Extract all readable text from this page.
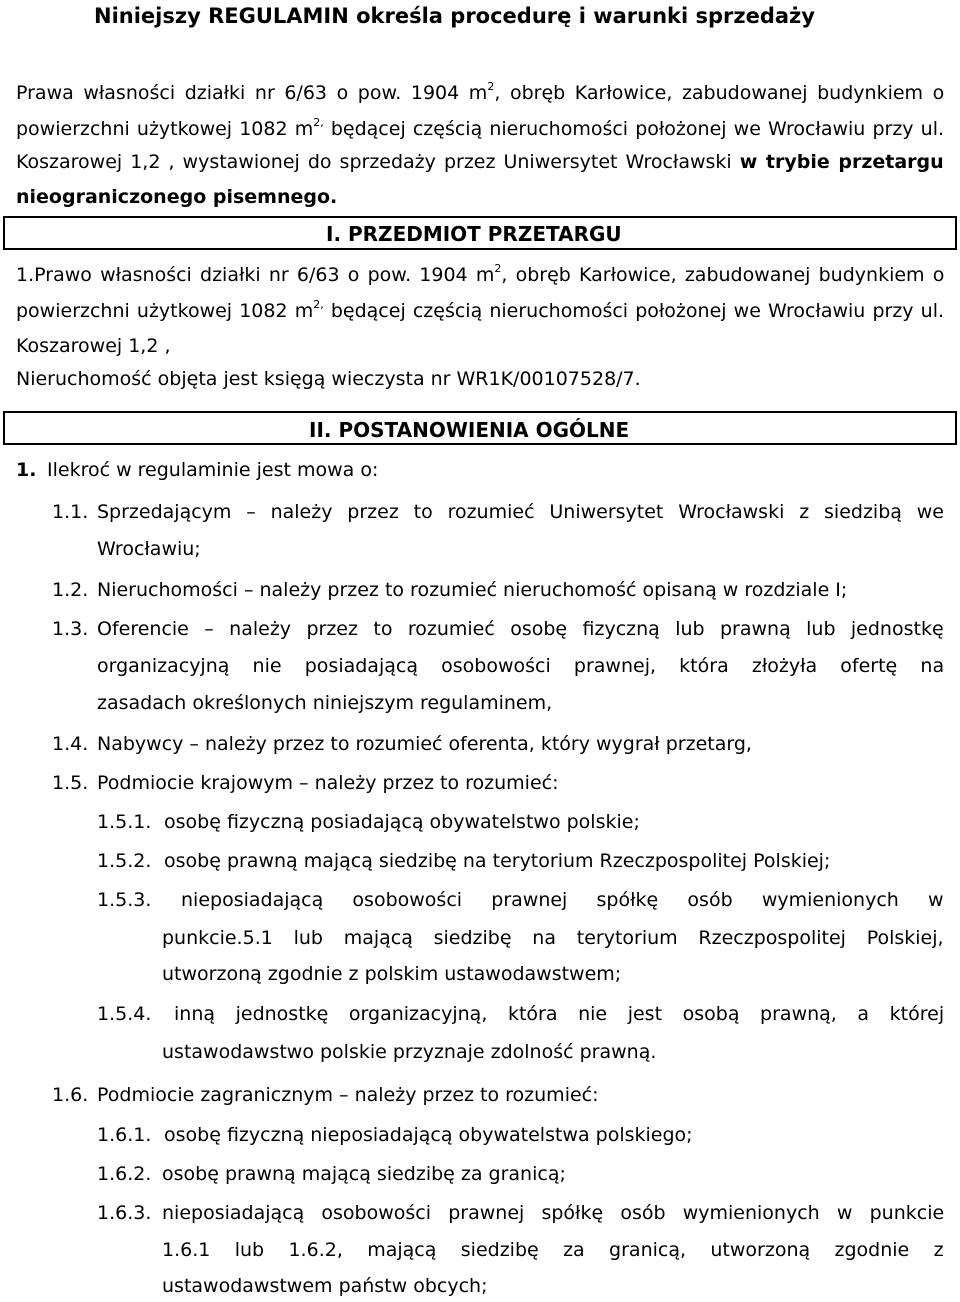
Niniejszy REGULAMIN określa procedurę i warunki sprzedaży
Prawa własności działki nr 6/63 o pow. 1904 $m^2$, obręb Karłowice, zabudowanej budynkiem o
powierzchni użytkowej 1082 $m^{2,}$ będącej częścią nieruchomości położonej we Wrocławiu przy ul.
Koszarowej 1,2 , wystawionej do sprzedaży przez Uniwersytet Wrocławski w trybie przetargu
nieograniczonego pisemnego.
I. PRZEDMIOT PRZETARGU
1.Prawo własności działki nr 6/63 o pow. 1904 $m^2$, obręb Karłowice, zabudowanej budynkiem o
powierzchni użytkowej 1082 $m^{2,}$ będącej częścią nieruchomości położonej we Wrocławiu przy ul.
Koszarowej 1,2 ,
Nieruchomość objęta jest księgą wieczysta nr WR1K/00107528/7.
II. POSTANOWIENIA OGÓLNE
1. Ilekroć w regulaminie jest mowa o:
1.1. Sprzedającym – należy przez to rozumieć Uniwersytet Wrocławski z siedzibą we
Wrocławiu;
1.2. Nieruchomości – należy przez to rozumieć nieruchomość opisaną w rozdziale I;
1.3. Oferencie – należy przez to rozumieć osobę fizyczną lub prawną lub jednostkę
organizacyjną nie posiadającą osobowości prawnej, która złożyła ofertę na
zasadach określonych niniejszym regulaminem,
1.4. Nabywcy – należy przez to rozumieć oferenta, który wygrał przetarg,
1.5. Podmiocie krajowym – należy przez to rozumieć:
1.5.1. osobę fizyczną posiadającą obywatelstwo polskie;
1.5.2. osobę prawną mającą siedzibę na terytorium Rzeczpospolitej Polskiej;
1.5.3. nieposiadającą osobowości prawnej spółkę osób wymienionych w
punkcie.5.1 lub mającą siedzibę na terytorium Rzeczpospolitej Polskiej,
utworzoną zgodnie z polskim ustawodawstwem;
1.5.4. inną jednostkę organizacyjną, która nie jest osobą prawną, a której
ustawodawstwo polskie przyznaje zdolność prawną.
1.6. Podmiocie zagranicznym – należy przez to rozumieć:
1.6.1. osobę fizyczną nieposiadającą obywatelstwa polskiego;
1.6.2. osobę prawną mającą siedzibę za granicą;
1.6.3. nieposiadającą osobowości prawnej spółkę osób wymienionych w punkcie
1.6.1 lub 1.6.2, mającą siedzibę za granicą, utworzoną zgodnie z
ustawodawstwem państw obcych;
